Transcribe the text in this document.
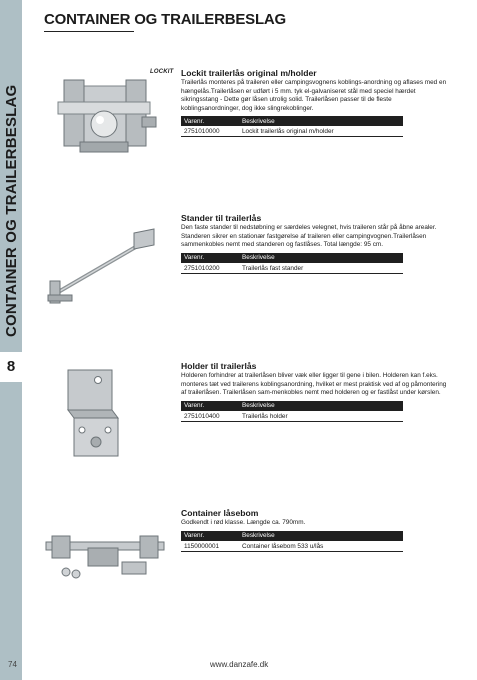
CONTAINER OG TRAILERBESLAG
8
CONTAINER OG TRAILERBESLAG
LOCKIT Lockit trailerlås original m/holder

Trailerlås monteres på traileren eller campingsvognens koblings-anordning og aflases med en hængelås.Trailerlåsen er udført i 5 mm. tyk el-galvaniseret stål med speciel hærdet sikringsstang - Dette gør låsen utrolig solid. Trailerlåsen passer til de fleste koblingsanordninger, dog ikke slingrekoblinger.

Varenr.	Beskrivelse
2751010000	Lockit trailerlås original m/holder

Stander til trailerlås

Den faste stander til nedstøbning er særdeles velegnet, hvis traileren står på åbne arealer. Standeren sikrer en stationær fastgørelse af traileren eller campingvognen.Trailerlåsen sammenkobles nemt med standeren og fastlåses. Total længde: 95 cm.

Varenr.	Beskrivelse
2751010200	Trailerlås fast stander

Holder til trailerlås

Holderen forhindrer at trailerlåsen bliver væk eller ligger til gene i bilen. Holderen kan f.eks. monteres tæt ved trailerens koblingsanordning, hvilket er mest praktisk ved af og påmontering af trailerlåsen. Trailerlåsen sam-menkobles nemt med holderen og er fastlåst under kørslen.

Varenr.	Beskrivelse
2751010400	Trailerlås holder

Container låsebom

Godkendt i rød klasse. Længde ca. 790mm.

Varenr.	Beskrivelse
1150000001	Container låsebom 533 u/lås
74	www.danzafe.dk
